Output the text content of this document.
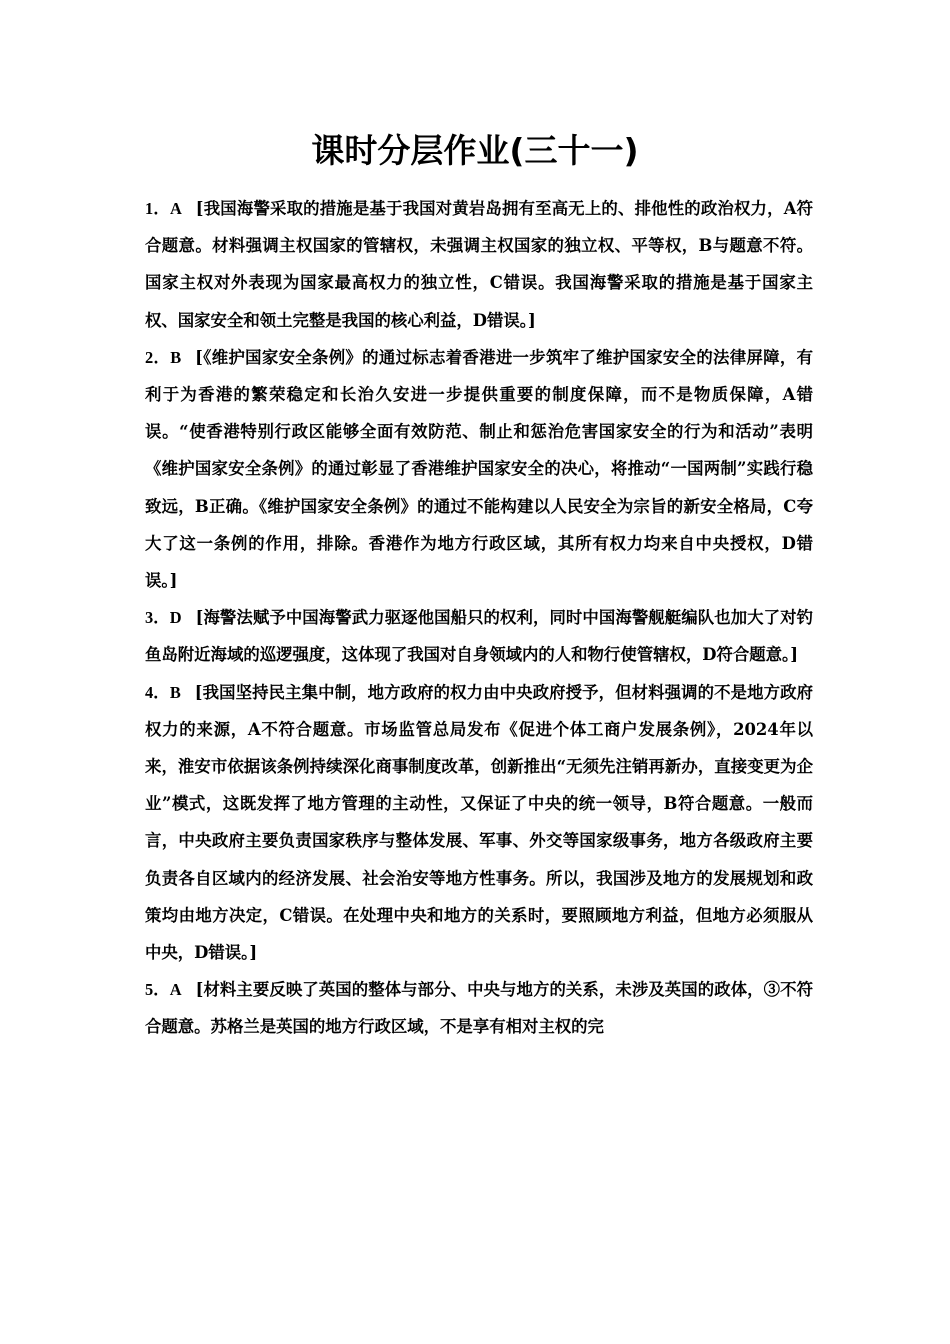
课时分层作业(三十一)

1．A [我国海警采取的措施是基于我国对黄岩岛拥有至高无上的、排他性的政治权力，A符合题意。材料强调主权国家的管辖权，未强调主权国家的独立权、平等权，B与题意不符。国家主权对外表现为国家最高权力的独立性，C错误。我国海警采取的措施是基于国家主权、国家安全和领土完整是我国的核心利益，D错误。]

2．B [《维护国家安全条例》的通过标志着香港进一步筑牢了维护国家安全的法律屏障，有利于为香港的繁荣稳定和长治久安进一步提供重要的制度保障，而不是物质保障，A错误。“使香港特别行政区能够全面有效防范、制止和惩治危害国家安全的行为和活动”表明《维护国家安全条例》的通过彰显了香港维护国家安全的决心，将推动“一国两制”实践行稳致远，B正确。《维护国家安全条例》的通过不能构建以人民安全为宗旨的新安全格局，C夸大了这一条例的作用，排除。香港作为地方行政区域，其所有权力均来自中央授权，D错误。]

3．D [海警法赋予中国海警武力驱逐他国船只的权利，同时中国海警舰艇编队也加大了对钓鱼岛附近海域的巡逻强度，这体现了我国对自身领域内的人和物行使管辖权，D符合题意。]

4．B [我国坚持民主集中制，地方政府的权力由中央政府授予，但材料强调的不是地方政府权力的来源，A不符合题意。市场监管总局发布《促进个体工商户发展条例》，2024年以来，淮安市依据该条例持续深化商事制度改革，创新推出“无须先注销再新办，直接变更为企业”模式，这既发挥了地方管理的主动性，又保证了中央的统一领导，B符合题意。一般而言，中央政府主要负责国家秩序与整体发展、军事、外交等国家级事务，地方各级政府主要负责各自区域内的经济发展、社会治安等地方性事务。所以，我国涉及地方的发展规划和政策均由地方决定，C错误。在处理中央和地方的关系时，要照顾地方利益，但地方必须服从中央，D错误。]

5．A [材料主要反映了英国的整体与部分、中央与地方的关系，未涉及英国的政体，③不符合题意。苏格兰是英国的地方行政区域，不是享有相对主权的完
